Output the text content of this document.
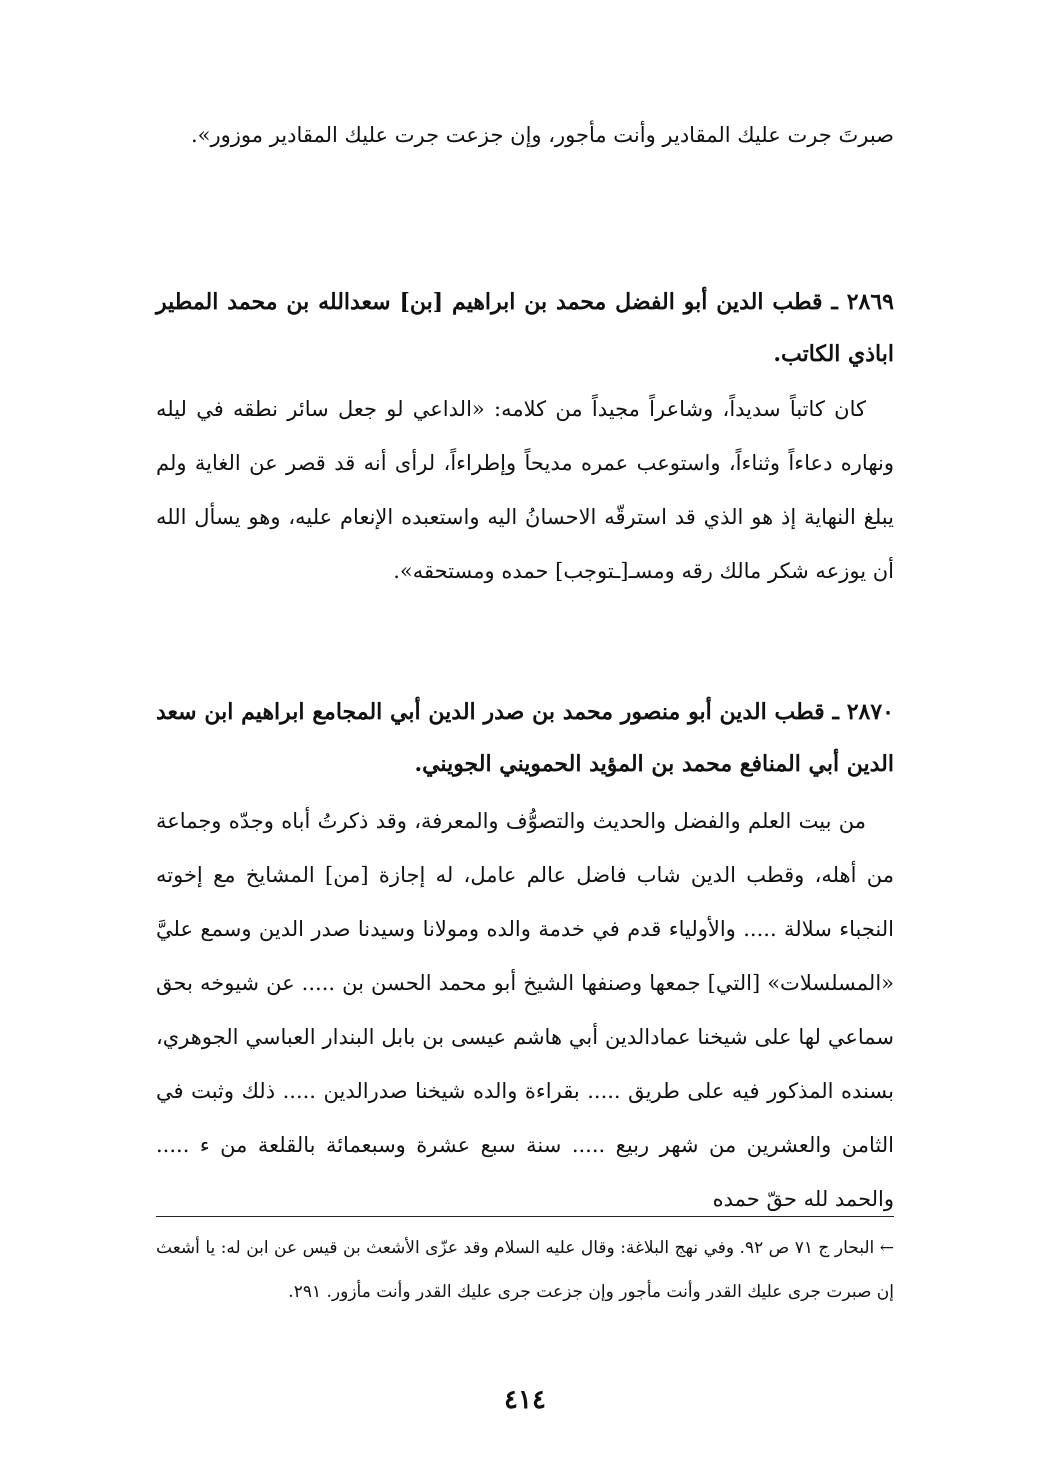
صبرتَ جرت عليك المقادير وأنت مأجور، وإن جزعت جرت عليك المقادير موزور».

٢٨٦٩ ـ قطب الدين أبو الفضل محمد بن ابراهيم [بن] سعدالله بن محمد المطير اباذي الكاتب.

كان كاتباً سديداً، وشاعراً مجيداً من كلامه: «الداعي لو جعل سائر نطقه في ليله ونهاره دعاءاً وثناءاً، واستوعب عمره مديحاً وإطراءاً، لرأى أنه قد قصر عن الغاية ولم يبلغ النهاية إذ هو الذي قد استرقّه الاحسانُ اليه واستعبده الإنعام عليه، وهو يسأل الله أن يوزعه شكر مالك رقه ومسـ[ـتوجب] حمده ومستحقه».

٢٨٧٠ ـ قطب الدين أبو منصور محمد بن صدر الدين أبي المجامع ابراهيم ابن سعد الدين أبي المنافع محمد بن المؤيد الحمويني الجويني.

من بيت العلم والفضل والحديث والتصوُّف والمعرفة، وقد ذكرتُ أباه وجدّه وجماعة من أهله، وقطب الدين شاب فاضل عالم عامل، له إجازة [من] المشايخ مع إخوته النجباء سلالة ..... والأولياء قدم في خدمة والده ومولانا وسيدنا صدر الدين وسمع عليَّ «المسلسلات» [التي] جمعها وصنفها الشيخ أبو محمد الحسن بن ..... عن شيوخه بحق سماعي لها على شيخنا عمادالدين أبي هاشم عيسى بن بابل البندار العباسي الجوهري، بسنده المذكور فيه على طريق ..... بقراءة والده شيخنا صدرالدين ..... ذلك وثبت في الثامن والعشرين من شهر ربيع ..... سنة سبع عشرة وسبعمائة بالقلعة من ء ..... والحمد لله حقّ حمده

← البحار ج ٧١ ص ٩٢. وفي نهج البلاغة: وقال عليه السلام وقد عزّى الأشعث بن قيس عن ابن له: يا أشعث إن صبرت جرى عليك القدر وأنت مأجور وإن جزعت جرى عليك القدر وأنت مأزور. ٢٩١.

٤١٤
